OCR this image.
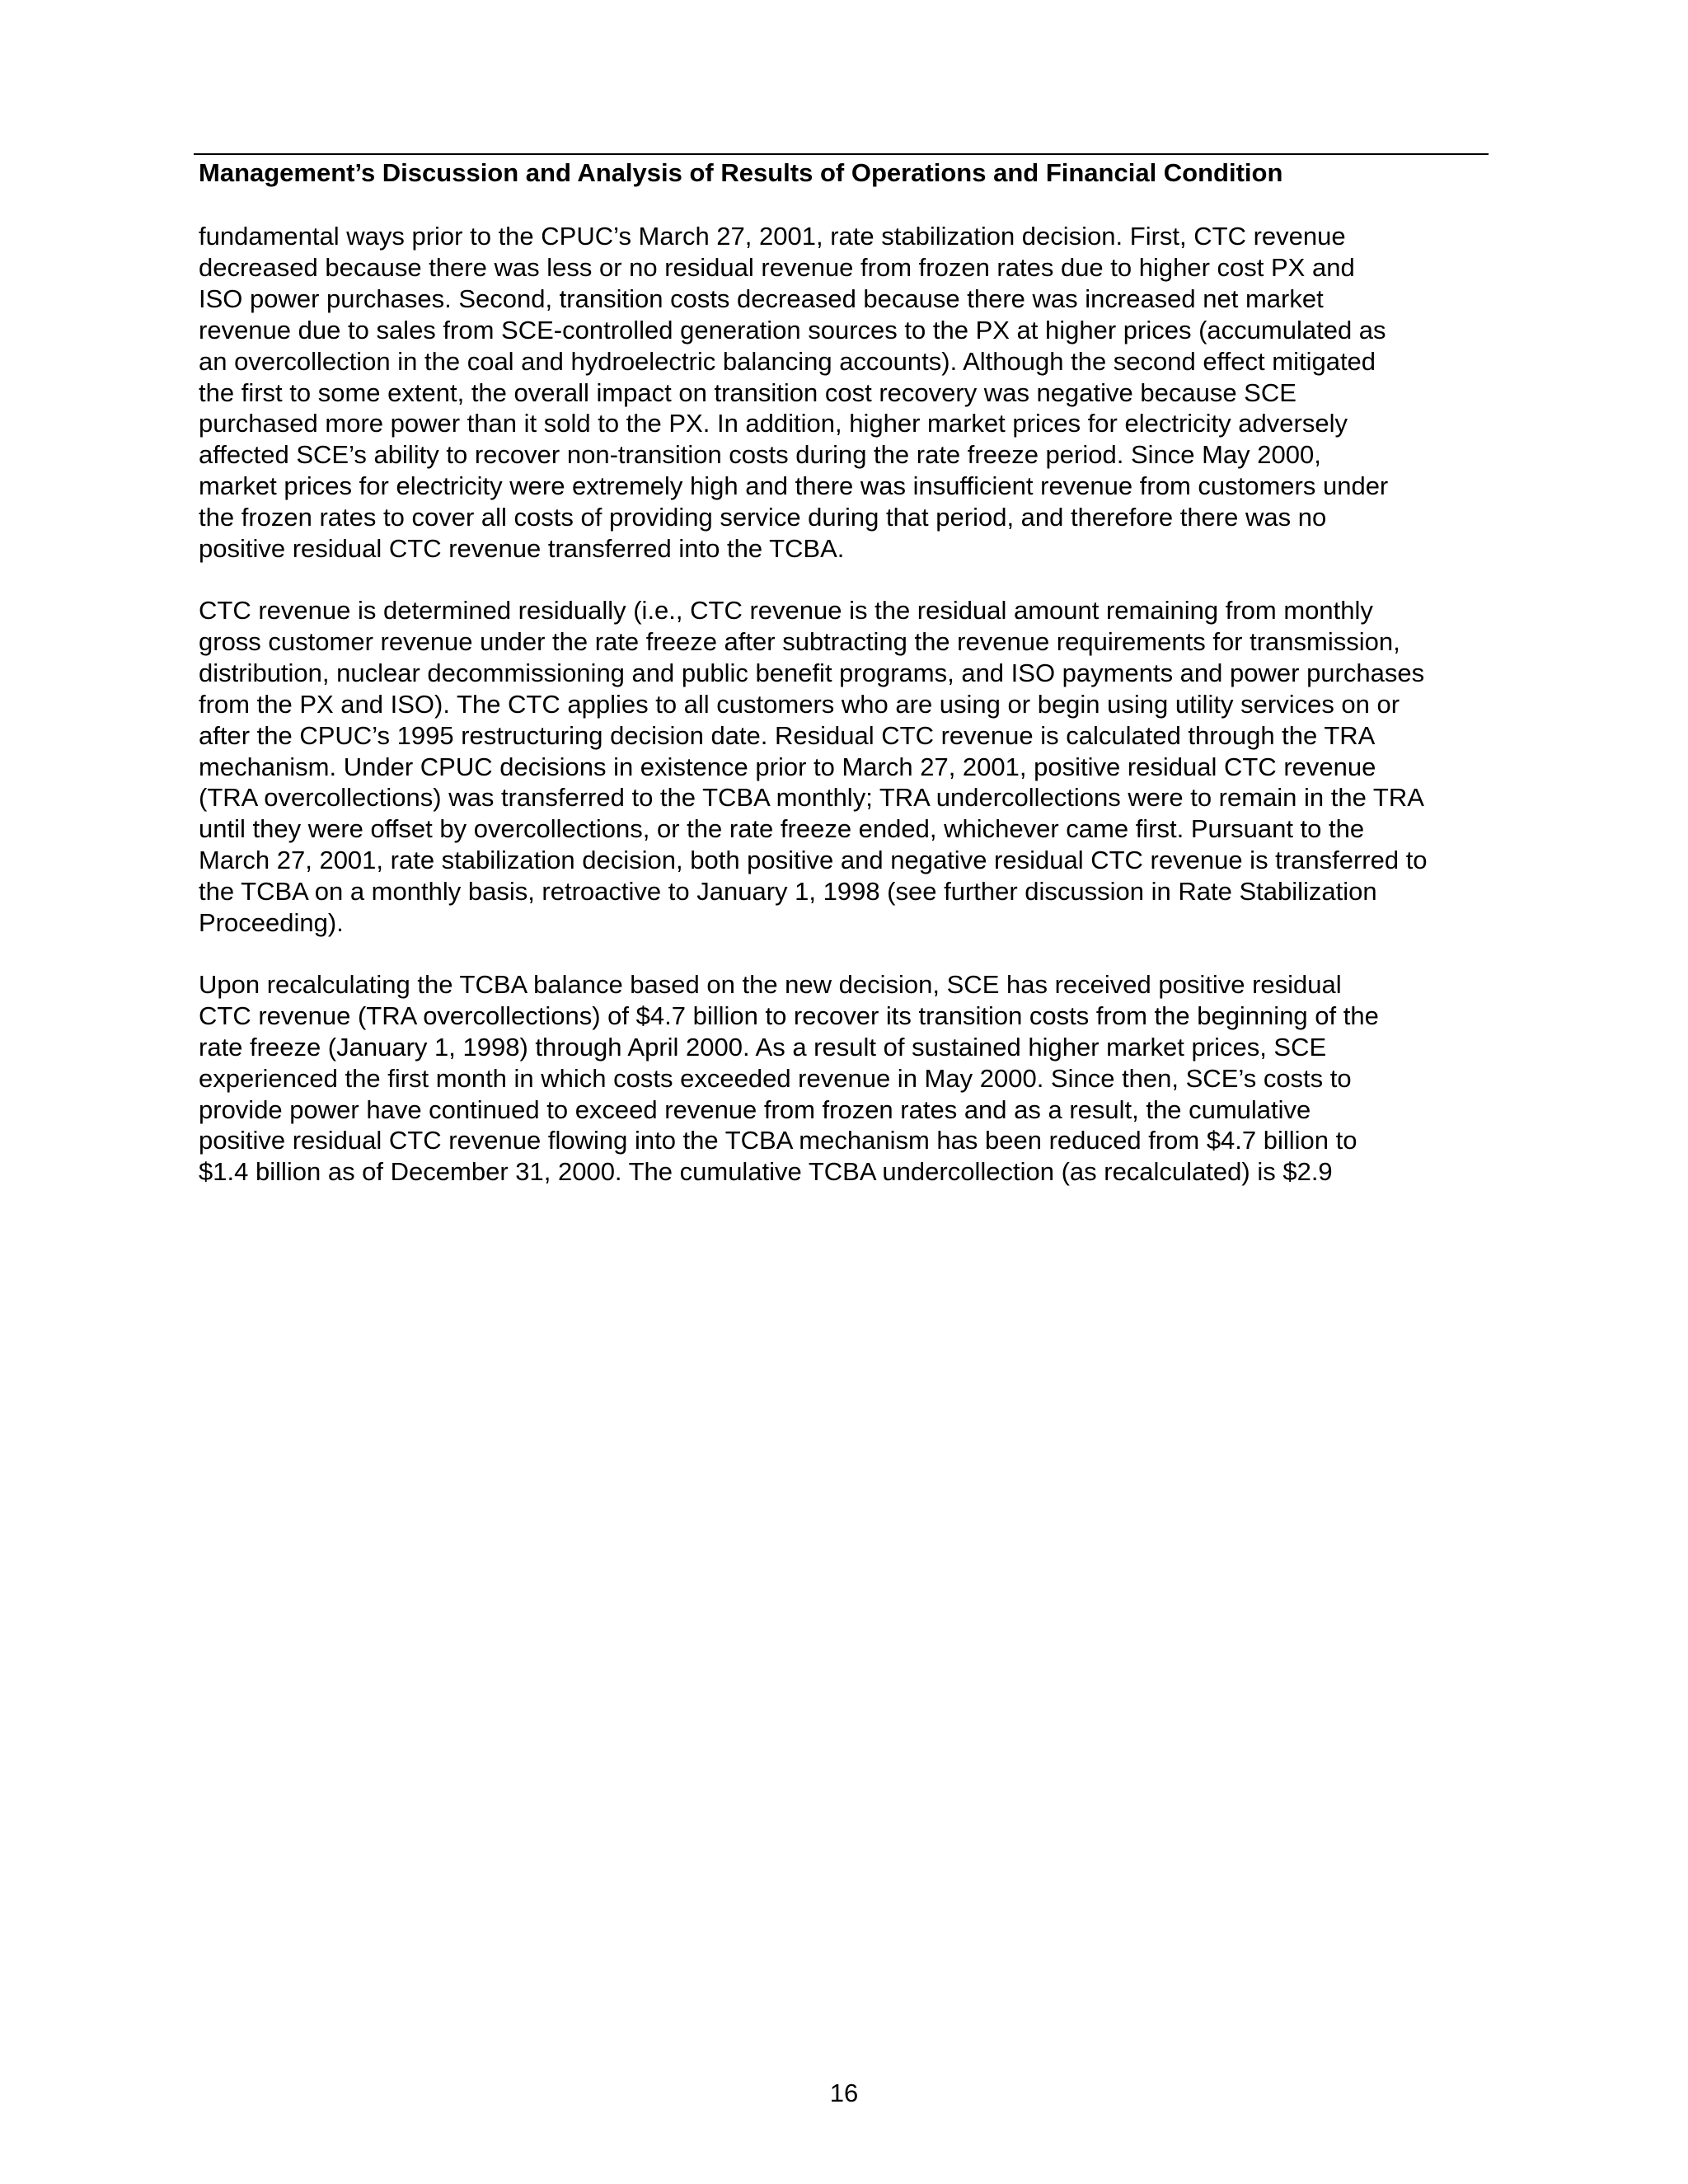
Management’s Discussion and Analysis of Results of Operations and Financial Condition

fundamental ways prior to the CPUC’s March 27, 2001, rate stabilization decision. First, CTC revenue
decreased because there was less or no residual revenue from frozen rates due to higher cost PX and
ISO power purchases. Second, transition costs decreased because there was increased net market
revenue due to sales from SCE-controlled generation sources to the PX at higher prices (accumulated as
an overcollection in the coal and hydroelectric balancing accounts). Although the second effect mitigated
the first to some extent, the overall impact on transition cost recovery was negative because SCE
purchased more power than it sold to the PX. In addition, higher market prices for electricity adversely
affected SCE’s ability to recover non-transition costs during the rate freeze period. Since May 2000,
market prices for electricity were extremely high and there was insufficient revenue from customers under
the frozen rates to cover all costs of providing service during that period, and therefore there was no
positive residual CTC revenue transferred into the TCBA.

CTC revenue is determined residually (i.e., CTC revenue is the residual amount remaining from monthly
gross customer revenue under the rate freeze after subtracting the revenue requirements for transmission,
distribution, nuclear decommissioning and public benefit programs, and ISO payments and power purchases
from the PX and ISO). The CTC applies to all customers who are using or begin using utility services on or
after the CPUC’s 1995 restructuring decision date. Residual CTC revenue is calculated through the TRA
mechanism. Under CPUC decisions in existence prior to March 27, 2001, positive residual CTC revenue
(TRA overcollections) was transferred to the TCBA monthly; TRA undercollections were to remain in the TRA
until they were offset by overcollections, or the rate freeze ended, whichever came first. Pursuant to the
March 27, 2001, rate stabilization decision, both positive and negative residual CTC revenue is transferred to
the TCBA on a monthly basis, retroactive to January 1, 1998 (see further discussion in Rate Stabilization
Proceeding).

Upon recalculating the TCBA balance based on the new decision, SCE has received positive residual
CTC revenue (TRA overcollections) of $4.7 billion to recover its transition costs from the beginning of the
rate freeze (January 1, 1998) through April 2000. As a result of sustained higher market prices, SCE
experienced the first month in which costs exceeded revenue in May 2000. Since then, SCE’s costs to
provide power have continued to exceed revenue from frozen rates and as a result, the cumulative
positive residual CTC revenue flowing into the TCBA mechanism has been reduced from $4.7 billion to
$1.4 billion as of December 31, 2000. The cumulative TCBA undercollection (as recalculated) is $2.9

16
